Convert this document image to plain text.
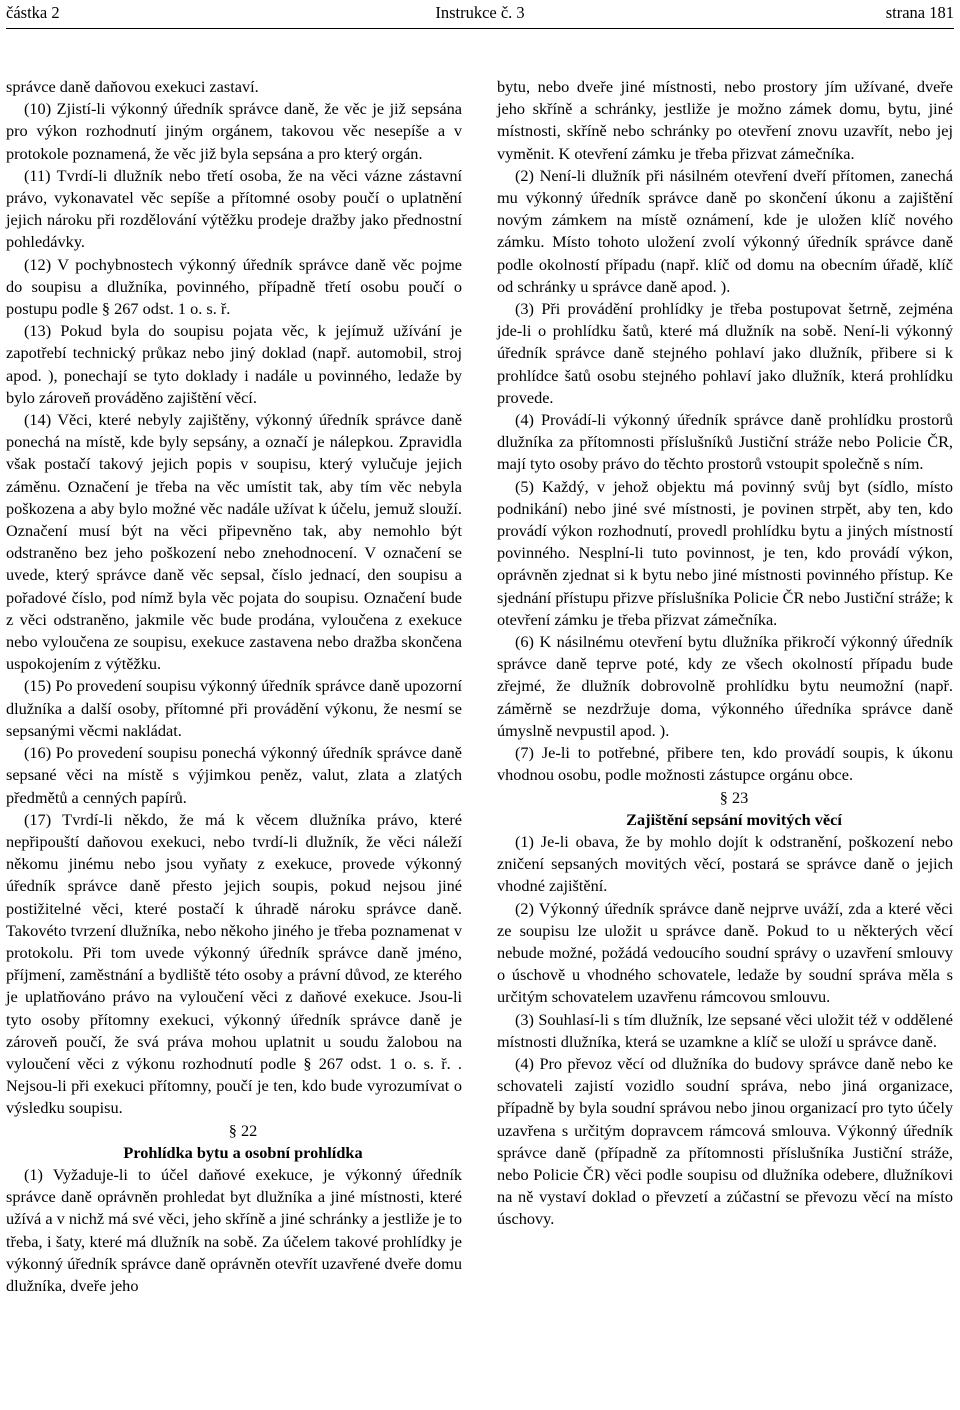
částka 2	Instrukce č. 3	strana 181

správce daně daňovou exekuci zastaví.

(10) Zjistí-li výkonný úředník správce daně, že věc je již sepsána pro výkon rozhodnutí jiným orgánem, takovou věc nesepíše a v protokole poznamená, že věc již byla sepsána a pro který orgán.

(11) Tvrdí-li dlužník nebo třetí osoba, že na věci vázne zástavní právo, vykonavatel věc sepíše a přítomné osoby poučí o uplatnění jejich nároku při rozdělování výtěžku prodeje dražby jako přednostní pohledávky.

(12) V pochybnostech výkonný úředník správce daně věc pojme do soupisu a dlužníka, povinného, případně třetí osobu poučí o postupu podle § 267 odst. 1 o. s. ř.

(13) Pokud byla do soupisu pojata věc, k jejímuž užívání je zapotřebí technický průkaz nebo jiný doklad (např. automobil, stroj apod. ), ponechají se tyto doklady i nadále u povinného, ledaže by bylo zároveň prováděno zajištění věcí.

(14) Věci, které nebyly zajištěny, výkonný úředník správce daně ponechá na místě, kde byly sepsány, a označí je nálepkou. Zpravidla však postačí takový jejich popis v soupisu, který vylučuje jejich záměnu. Označení je třeba na věc umístit tak, aby tím věc nebyla poškozena a aby bylo možné věc nadále užívat k účelu, jemuž slouží. Označení musí být na věci připevněno tak, aby nemohlo být odstraněno bez jeho poškození nebo znehodnocení. V označení se uvede, který správce daně věc sepsal, číslo jednací, den soupisu a pořadové číslo, pod nímž byla věc pojata do soupisu. Označení bude z věci odstraněno, jakmile věc bude prodána, vyloučena z exekuce nebo vyloučena ze soupisu, exekuce zastavena nebo dražba skončena uspokojením z výtěžku.

(15) Po provedení soupisu výkonný úředník správce daně upozorní dlužníka a další osoby, přítomné při provádění výkonu, že nesmí se sepsanými věcmi nakládat.

(16) Po provedení soupisu ponechá výkonný úředník správce daně sepsané věci na místě s výjimkou peněz, valut, zlata a zlatých předmětů a cenných papírů.

(17) Tvrdí-li někdo, že má k věcem dlužníka právo, které nepřipouští daňovou exekuci, nebo tvrdí-li dlužník, že věci náleží někomu jinému nebo jsou vyňaty z exekuce, provede výkonný úředník správce daně přesto jejich soupis, pokud nejsou jiné postižitelné věci, které postačí k úhradě nároku správce daně. Takovéto tvrzení dlužníka, nebo někoho jiného je třeba poznamenat v protokolu. Při tom uvede výkonný úředník správce daně jméno, příjmení, zaměstnání a bydliště této osoby a právní důvod, ze kterého je uplatňováno právo na vyloučení věci z daňové exekuce. Jsou-li tyto osoby přítomny exekuci, výkonný úředník správce daně je zároveň poučí, že svá práva mohou uplatnit u soudu žalobou na vyloučení věci z výkonu rozhodnutí podle § 267 odst. 1 o. s. ř. . Nejsou-li při exekuci přítomny, poučí je ten, kdo bude vyrozumívat o výsledku soupisu.

§ 22

Prohlídka bytu a osobní prohlídka

(1) Vyžaduje-li to účel daňové exekuce, je výkonný úředník správce daně oprávněn prohledat byt dlužníka a jiné místnosti, které užívá a v nichž má své věci, jeho skříně a jiné schránky a jestliže je to třeba, i šaty, které má dlužník na sobě. Za účelem takové prohlídky je výkonný úředník správce daně oprávněn otevřít uzavřené dveře domu dlužníka, dveře jeho

bytu, nebo dveře jiné místnosti, nebo prostory jím užívané, dveře jeho skříně a schránky, jestliže je možno zámek domu, bytu, jiné místnosti, skříně nebo schránky po otevření znovu uzavřít, nebo jej vyměnit. K otevření zámku je třeba přizvat zámečníka.

(2) Není-li dlužník při násilném otevření dveří přítomen, zanechá mu výkonný úředník správce daně po skončení úkonu a zajištění novým zámkem na místě oznámení, kde je uložen klíč nového zámku. Místo tohoto uložení zvolí výkonný úředník správce daně podle okolností případu (např. klíč od domu na obecním úřadě, klíč od schránky u správce daně apod. ).

(3) Při provádění prohlídky je třeba postupovat šetrně, zejména jde-li o prohlídku šatů, které má dlužník na sobě. Není-li výkonný úředník správce daně stejného pohlaví jako dlužník, přibere si k prohlídce šatů osobu stejného pohlaví jako dlužník, která prohlídku provede.

(4) Provádí-li výkonný úředník správce daně prohlídku prostorů dlužníka za přítomnosti příslušníků Justiční stráže nebo Policie ČR, mají tyto osoby právo do těchto prostorů vstoupit společně s ním.

(5) Každý, v jehož objektu má povinný svůj byt (sídlo, místo podnikání) nebo jiné své místnosti, je povinen strpět, aby ten, kdo provádí výkon rozhodnutí, provedl prohlídku bytu a jiných místností povinného. Nesplní-li tuto povinnost, je ten, kdo provádí výkon, oprávněn zjednat si k bytu nebo jiné místnosti povinného přístup. Ke sjednání přístupu přizve příslušníka Policie ČR nebo Justiční stráže; k otevření zámku je třeba přizvat zámečníka.

(6) K násilnému otevření bytu dlužníka přikročí výkonný úředník správce daně teprve poté, kdy ze všech okolností případu bude zřejmé, že dlužník dobrovolně prohlídku bytu neumožní (např. záměrně se nezdržuje doma, výkonného úředníka správce daně úmyslně nevpustil apod. ).

(7) Je-li to potřebné, přibere ten, kdo provádí soupis, k úkonu vhodnou osobu, podle možnosti zástupce orgánu obce.

§ 23

Zajištění sepsání movitých věcí

(1) Je-li obava, že by mohlo dojít k odstranění, poškození nebo zničení sepsaných movitých věcí, postará se správce daně o jejich vhodné zajištění.

(2) Výkonný úředník správce daně nejprve uváží, zda a které věci ze soupisu lze uložit u správce daně. Pokud to u některých věcí nebude možné, požádá vedoucího soudní správy o uzavření smlouvy o úschově u vhodného schovatele, ledaže by soudní správa měla s určitým schovatelem uzavřenu rámcovou smlouvu.

(3) Souhlasí-li s tím dlužník, lze sepsané věci uložit též v oddělené místnosti dlužníka, která se uzamkne a klíč se uloží u správce daně.

(4) Pro převoz věcí od dlužníka do budovy správce daně nebo ke schovateli zajistí vozidlo soudní správa, nebo jiná organizace, případně by byla soudní správou nebo jinou organizací pro tyto účely uzavřena s určitým dopravcem rámcová smlouva. Výkonný úředník správce daně (případně za přítomnosti příslušníka Justiční stráže, nebo Policie ČR) věci podle soupisu od dlužníka odebere, dlužníkovi na ně vystaví doklad o převzetí a zúčastní se převozu věcí na místo úschovy.
